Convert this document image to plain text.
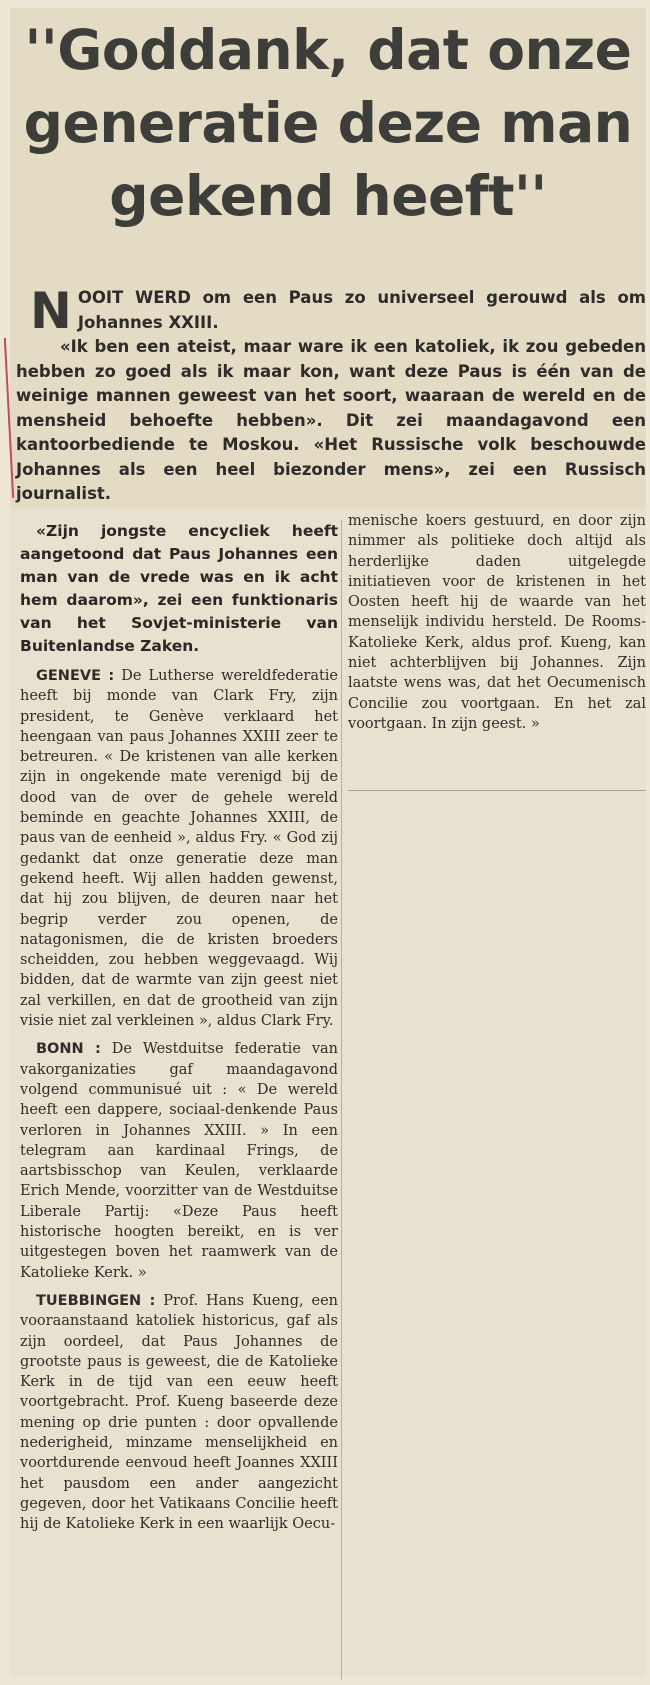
''Goddank, dat onze generatie deze man gekend heeft''
N OOIT WERD om een Paus zo universeel gerouwd als om Johannes XXIII.

«Ik ben een ateist, maar ware ik een katoliek, ik zou gebeden hebben zo goed als ik maar kon, want deze Paus is één van de weinige mannen geweest van het soort, waaraan de wereld en de mensheid behoefte hebben». Dit zei maandagavond een kantoorbediende te Moskou. «Het Russische volk beschouwde Johannes als een heel biezonder mens», zei een Russisch journalist.

«Zijn jongste encycliek heeft aangetoond dat Paus Johannes een man van de vrede was en ik acht hem daarom», zei een funktionaris van het Sovjet-ministerie van Buitenlandse Zaken.

GENEVE : De Lutherse wereldfederatie heeft bij monde van Clark Fry, zijn president, te Genève verklaard het heengaan van paus Johannes XXIII zeer te betreuren. « De kristenen van alle kerken zijn in ongekende mate verenigd bij de dood van de over de gehele wereld beminde en geachte Johannes XXIII, de paus van de eenheid », aldus Fry. « God zij gedankt dat onze generatie deze man gekend heeft. Wij allen hadden gewenst, dat hij zou blijven, de deuren naar het begrip verder zou openen, de natagonismen, die de kristen broeders scheidden, zou hebben weggevaagd. Wij bidden, dat de warmte van zijn geest niet zal verkillen, en dat de grootheid van zijn visie niet zal verkleinen », aldus Clark Fry.

BONN : De Westduitse federatie van vakorganizaties gaf maandagavond volgend communisué uit : « De wereld heeft een dappere, sociaal-denkende Paus verloren in Johannes XXIII. » In een telegram aan kardinaal Frings, de aartsbisschop van Keulen, verklaarde Erich Mende, voorzitter van de Westduitse Liberale Partij: «Deze Paus heeft historische hoogten bereikt, en is ver uitgestegen boven het raamwerk van de Katolieke Kerk. »

TUEBBINGEN : Prof. Hans Kueng, een vooraanstaand katoliek historicus, gaf als zijn oordeel, dat Paus Johannes de grootste paus is geweest, die de Katolieke Kerk in de tijd van een eeuw heeft voortgebracht. Prof. Kueng baseerde deze mening op drie punten : door opvallende nederigheid, minzame menselijkheid en voortdurende eenvoud heeft Joannes XXIII het pausdom een ander aangezicht gegeven, door het Vatikaans Concilie heeft hij de Katolieke Kerk in een waarlijk Oecu-

menische koers gestuurd, en door zijn nimmer als politieke doch altijd als herderlijke daden uitgelegde initiatieven voor de kristenen in het Oosten heeft hij de waarde van het menselijk individu hersteld. De Rooms-Katolieke Kerk, aldus prof. Kueng, kan niet achterblijven bij Johannes. Zijn laatste wens was, dat het Oecumenisch Concilie zou voortgaan. En het zal voortgaan. In zijn geest. »
